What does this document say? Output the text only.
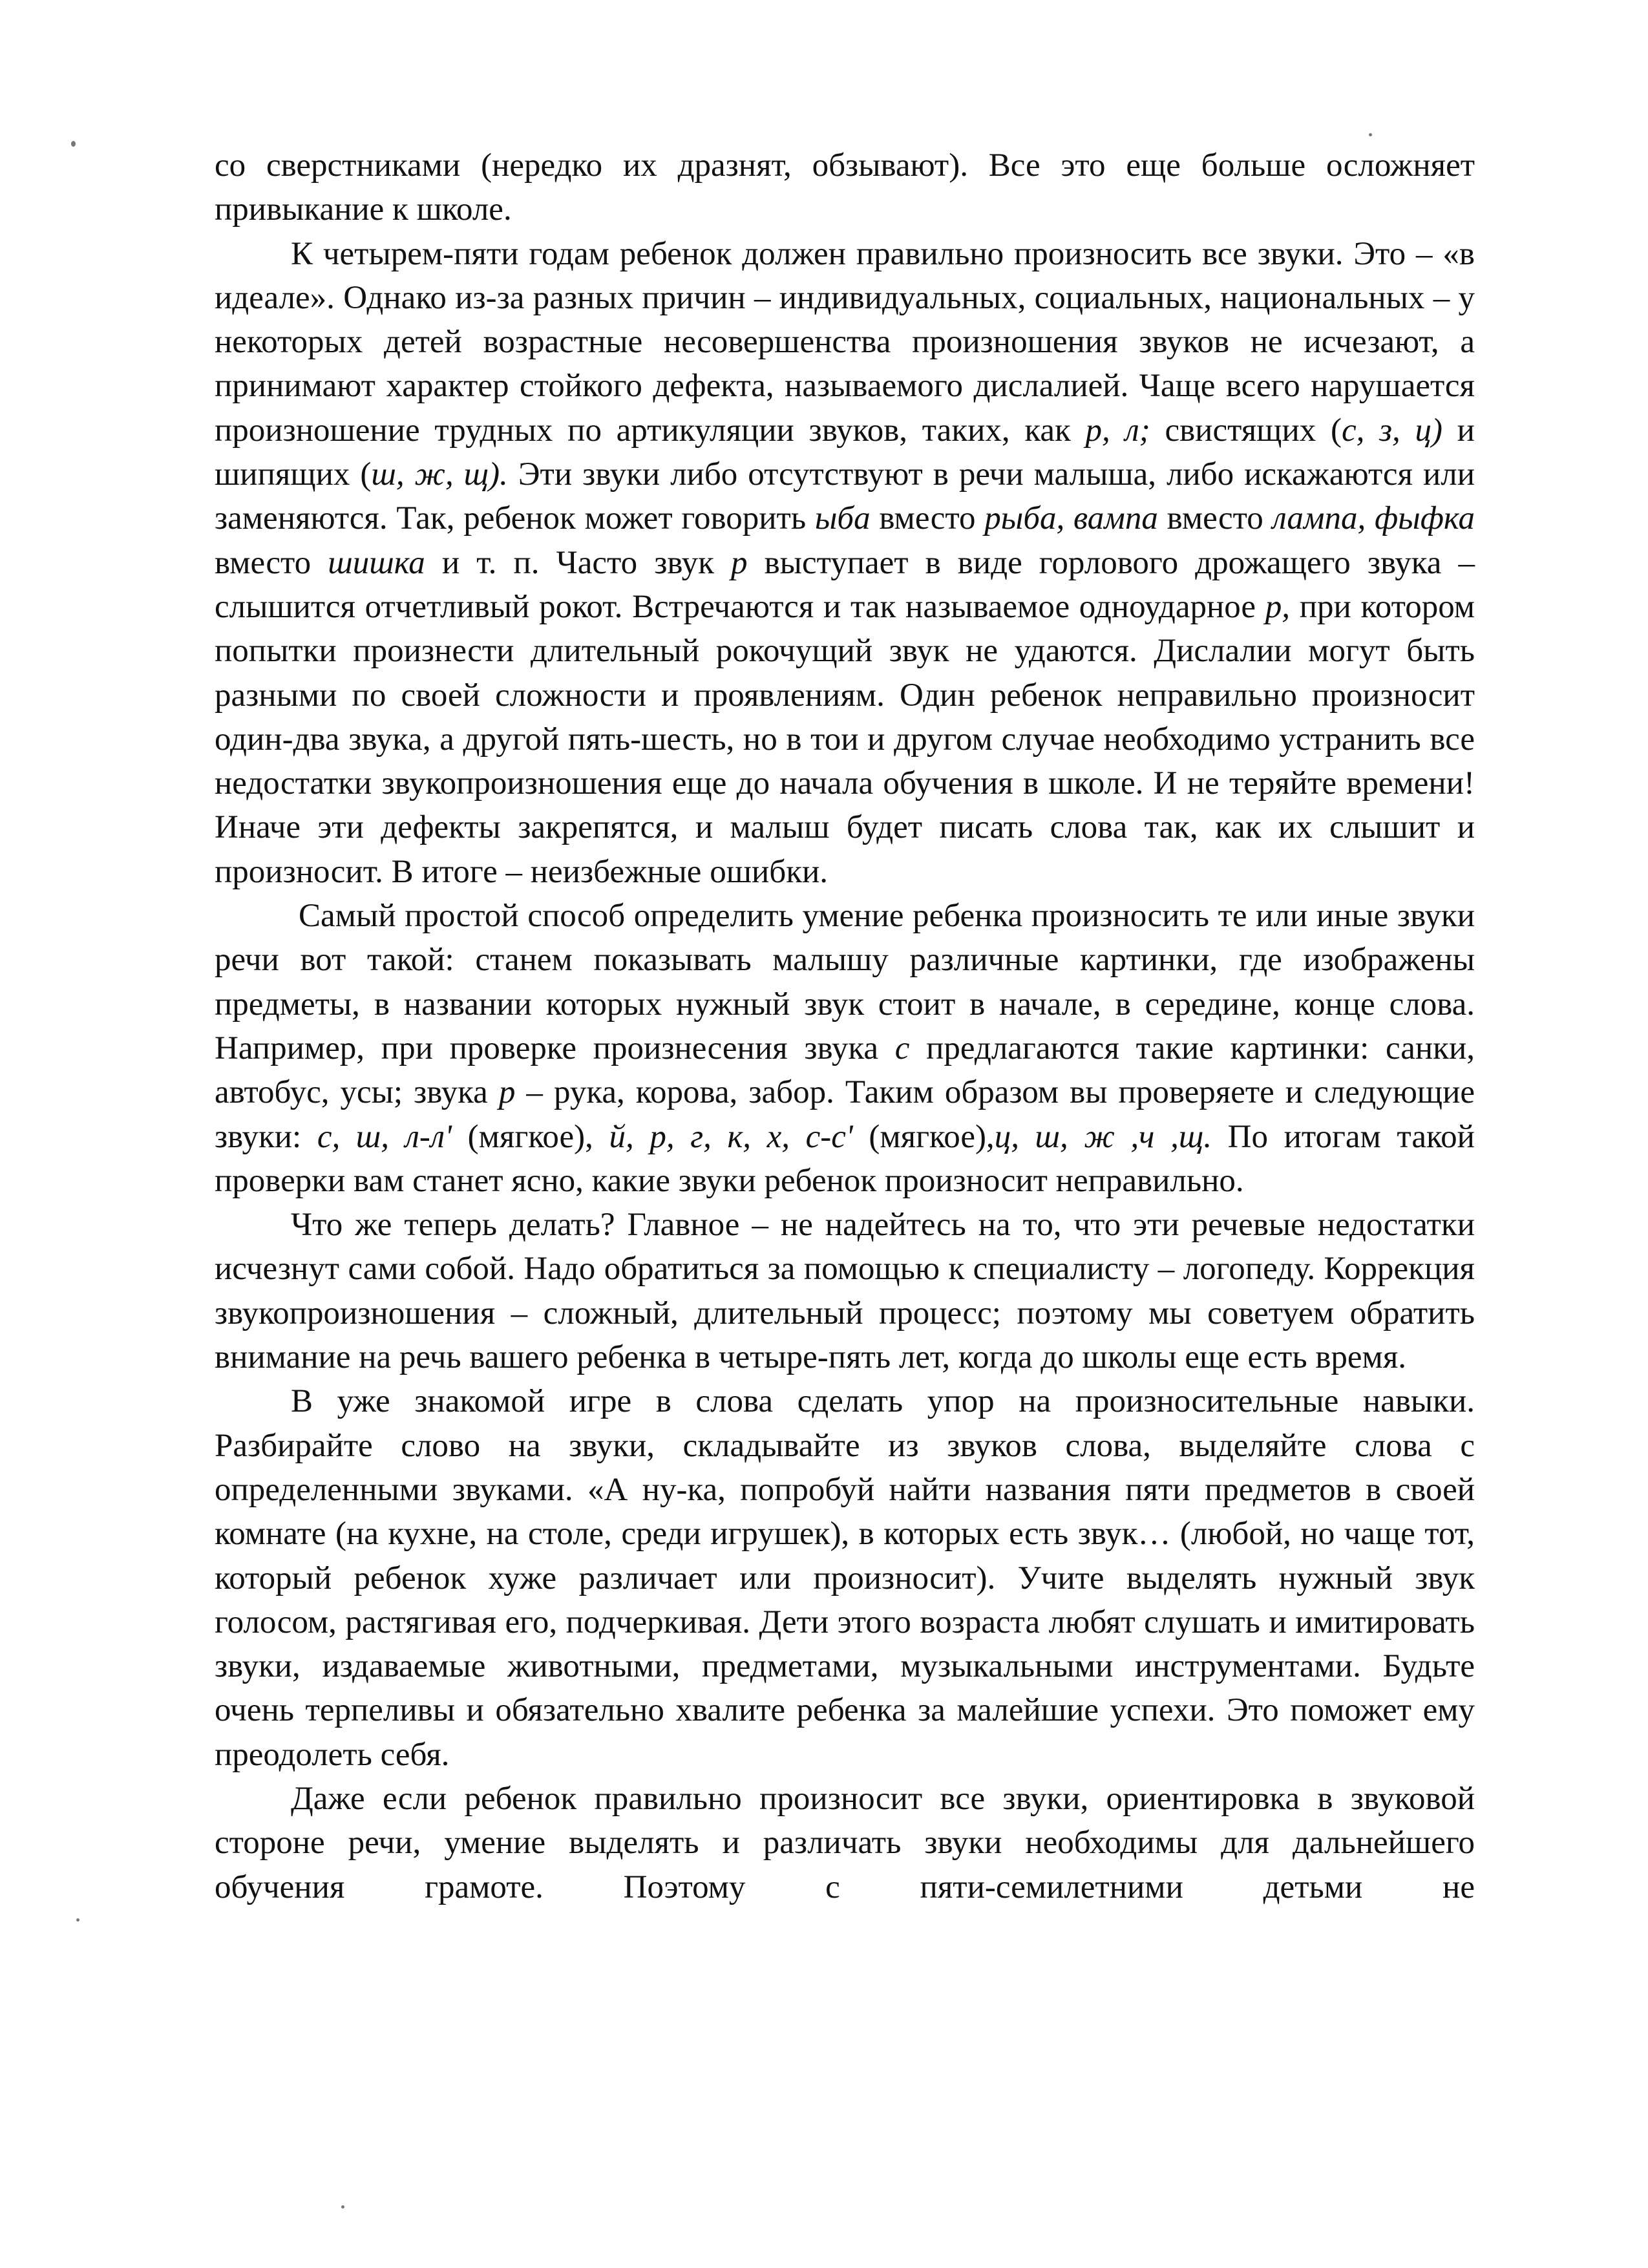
со сверстниками (нередко их дразнят, обзывают). Все это еще больше осложняет привыкание к школе.

К четырем-пяти годам ребенок должен правильно произносить все звуки. Это – «в идеале». Однако из-за разных причин – индивидуальных, социальных, национальных – у некоторых детей возрастные несовершенства произношения звуков не исчезают, а принимают характер стойкого дефекта, называемого дислалией. Чаще всего нарушается произношение трудных по артикуляции звуков, таких, как р, л; свистящих (с, з, ц) и шипящих (ш, ж, щ). Эти звуки либо отсутствуют в речи малыша, либо искажаются или заменяются. Так, ребенок может говорить ыба вместо рыба, вампа вместо лампа, фыфка вместо шишка и т. п. Часто звук р выступает в виде горлового дрожащего звука – слышится отчетливый рокот. Встречаются и так называемое одноударное р, при котором попытки произнести длительный рокочущий звук не удаются. Дислалии могут быть разными по своей сложности и проявлениям. Один ребенок неправильно произносит один-два звука, а другой пять-шесть, но в тои и другом случае необходимо устранить все недостатки звукопроизношения еще до начала обучения в школе. И не теряйте времени! Иначе эти дефекты закрепятся, и малыш будет писать слова так, как их слышит и произносит. В итоге – неизбежные ошибки.

Самый простой способ определить умение ребенка произносить те или иные звуки речи вот такой: станем показывать малышу различные картинки, где изображены предметы, в названии которых нужный звук стоит в начале, в середине, конце слова. Например, при проверке произнесения звука с предлагаются такие картинки: санки, автобус, усы; звука р – рука, корова, забор. Таким образом вы проверяете и следующие звуки: с, ш, л-л' (мягкое), й, р, г, к, х, с-с' (мягкое),ц, ш, ж ,ч ,щ. По итогам такой проверки вам станет ясно, какие звуки ребенок произносит неправильно.

Что же теперь делать? Главное – не надейтесь на то, что эти речевые недостатки исчезнут сами собой. Надо обратиться за помощью к специалисту – логопеду. Коррекция звукопроизношения – сложный, длительный процесс; поэтому мы советуем обратить внимание на речь вашего ребенка в четыре-пять лет, когда до школы еще есть время.

В уже знакомой игре в слова сделать упор на произносительные навыки. Разбирайте слово на звуки, складывайте из звуков слова, выделяйте слова с определенными звуками. «А ну-ка, попробуй найти названия пяти предметов в своей комнате (на кухне, на столе, среди игрушек), в которых есть звук… (любой, но чаще тот, который ребенок хуже различает или произносит). Учите выделять нужный звук голосом, растягивая его, подчеркивая. Дети этого возраста любят слушать и имитировать звуки, издаваемые животными, предметами, музыкальными инструментами. Будьте очень терпеливы и обязательно хвалите ребенка за малейшие успехи. Это поможет ему преодолеть себя.

Даже если ребенок правильно произносит все звуки, ориентировка в звуковой стороне речи, умение выделять и различать звуки необходимы для дальнейшего обучения грамоте. Поэтому с пяти-семилетними детьми не
